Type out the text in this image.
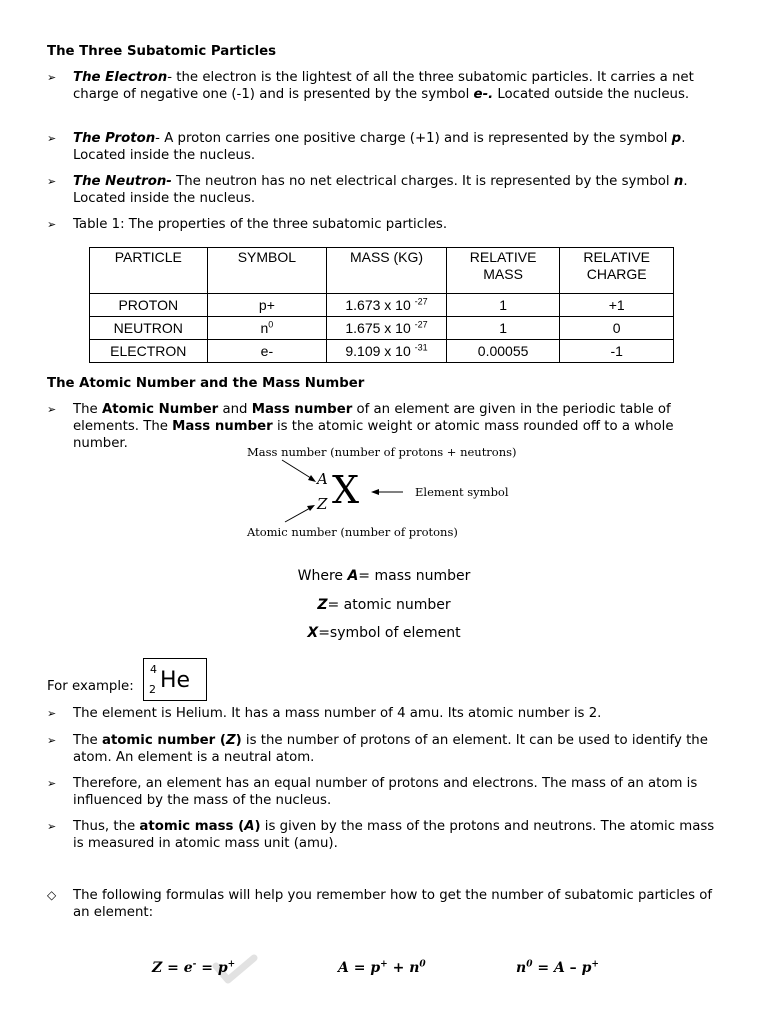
The Three Subatomic Particles
➢ The Electron- the electron is the lightest of all the three subatomic particles. It carries a net charge of negative one (-1) and is presented by the symbol e-. Located outside the nucleus.
➢ The Proton- A proton carries one positive charge (+1) and is represented by the symbol p. Located inside the nucleus.
➢ The Neutron- The neutron has no net electrical charges. It is represented by the symbol n. Located inside the nucleus.
➢ Table 1: The properties of the three subatomic particles.
PARTICLE	SYMBOL	MASS (KG)	RELATIVE MASS	RELATIVE CHARGE
PROTON	p+	1.673 x 10 $^{-27}$	1	+1
NEUTRON	$n^0$	1.675 x 10 $^{-27}$	1	0
ELECTRON	e-	9.109 x 10 $^{-31}$	0.00055	-1
The Atomic Number and the Mass Number
➢ The Atomic Number and Mass number of an element are given in the periodic table of elements. The Mass number is the atomic weight or atomic mass rounded off to a whole number.
Mass number (number of protons + neutrons)
A
Z X	Element symbol
Atomic number (number of protons)
Where A= mass number
Z= atomic number
X=symbol of element
For example:
4
2 He
➢ The element is Helium. It has a mass number of 4 amu. Its atomic number is 2.
➢ The atomic number (Z) is the number of protons of an element. It can be used to identify the atom. An element is a neutral atom.
➢ Therefore, an element has an equal number of protons and electrons. The mass of an atom is influenced by the mass of the nucleus.
➢ Thus, the atomic mass (A) is given by the mass of the protons and neutrons. The atomic mass is measured in atomic mass unit (amu).
◇ The following formulas will help you remember how to get the number of subatomic particles of an element:
Z = e- = p+	$A = p^+ + n^0$	$n^0 = A - p^+$
